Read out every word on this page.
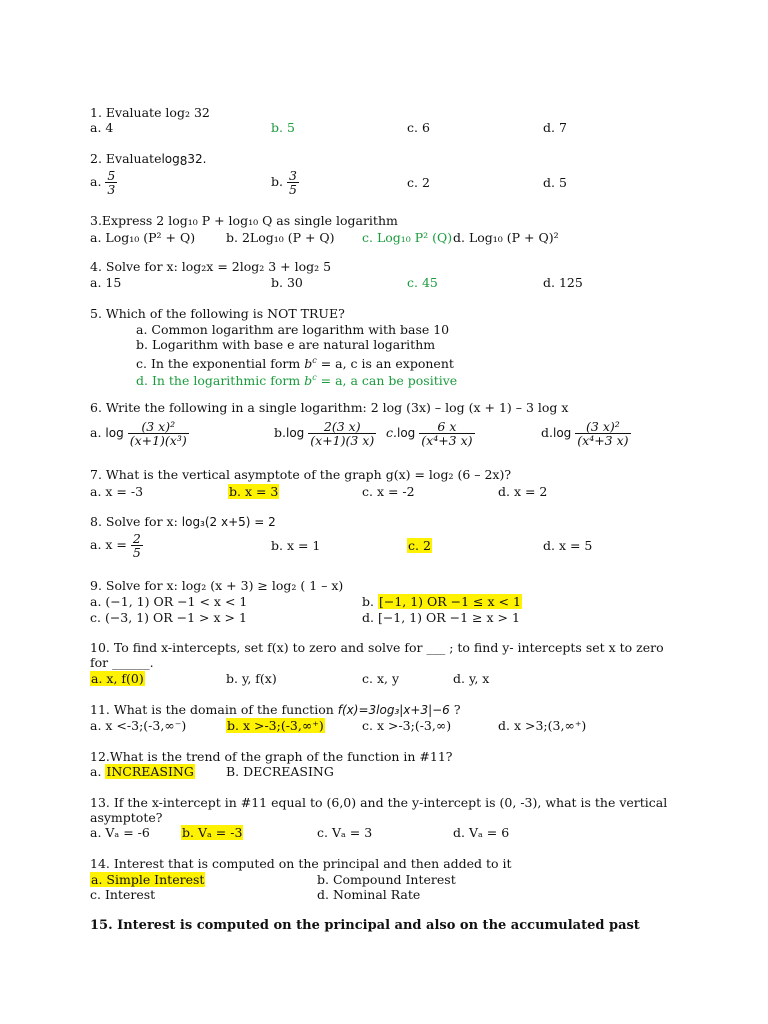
1. Evaluate log₂ 32
a. 4	b. 5	c. 6	d. 7
2. Evaluatelog$_8$32.
a. $\frac{5}{3}$	b. $\frac{3}{5}$	c. 2	d. 5
3.Express 2 log₁₀ P + log₁₀ Q as single logarithm
a. Log₁₀ (P² + Q) b. 2Log₁₀ (P + Q) c. Log₁₀ P² (Q) d. Log₁₀ (P + Q)²
4. Solve for x: log₂x = 2log₂ 3 + log₂ 5
a. 15	b. 30	c. 45	d. 125
5. Which of the following is NOT TRUE?
a. Common logarithm are logarithm with base 10
b. Logarithm with base e are natural logarithm
c. In the exponential form $b^c = a$, c is an exponent
d. In the logarithmic form $b^c = a$, a can be positive
6. Write the following in a single logarithm: 2 log (3x) – log (x + 1) – 3 log x
a. $\log \frac{\text{(3 x)²}}{\text{(x+1)(x³)}}$	$b.\log \frac{2(3 x)}{(x+1)(3 x)} c.\log \frac{6 x}{\text{(x⁴+3 x)}}$	$d.\log \frac{\text{(3 x)²}}{\text{(x⁴+3 x)}}$
7. What is the vertical asymptote of the graph g(x) = log₂ (6 – 2x)?
a. x = -3	b. x = 3	c. x = -2	d. x = 2
8. Solve for x: log₃(2 x+5) = 2
a. $x = \frac{2}{5}$	b. x = 1	c. 2	d. x = 5
9. Solve for x: log₂ (x + 3) ≥ log₂ ( 1 – x)
a. (−1, 1) OR −1 < x < 1	b. [−1, 1) OR −1 ≤ x < 1
c. (−3, 1) OR −1 > x > 1	d. [−1, 1) OR −1 ≥ x > 1
10. To find x-intercepts, set f(x) to zero and solve for ___ ; to find y- intercepts set x to zero
for ______.
a. x, f(0)	b. y, f(x)	c. x, y	d. y, x
11. What is the domain of the function f(x)=3log₃|x+3|−6 ?
a. x <-3;(-3,∞⁻)	b. x >-3;(-3,∞⁺)	c. x >-3;(-3,∞)	d. x >3;(3,∞⁺)
12.What is the trend of the graph of the function in #11?
a. INCREASING	B. DECREASING
13. If the x-intercept in #11 equal to (6,0) and the y-intercept is (0, -3), what is the vertical
asymptote?
a. Vₐ = -6	b. Vₐ = -3	c. Vₐ = 3	d. Vₐ = 6
14. Interest that is computed on the principal and then added to it
a. Simple Interest	b. Compound Interest
c. Interest	d. Nominal Rate
15. Interest is computed on the principal and also on the accumulated past
